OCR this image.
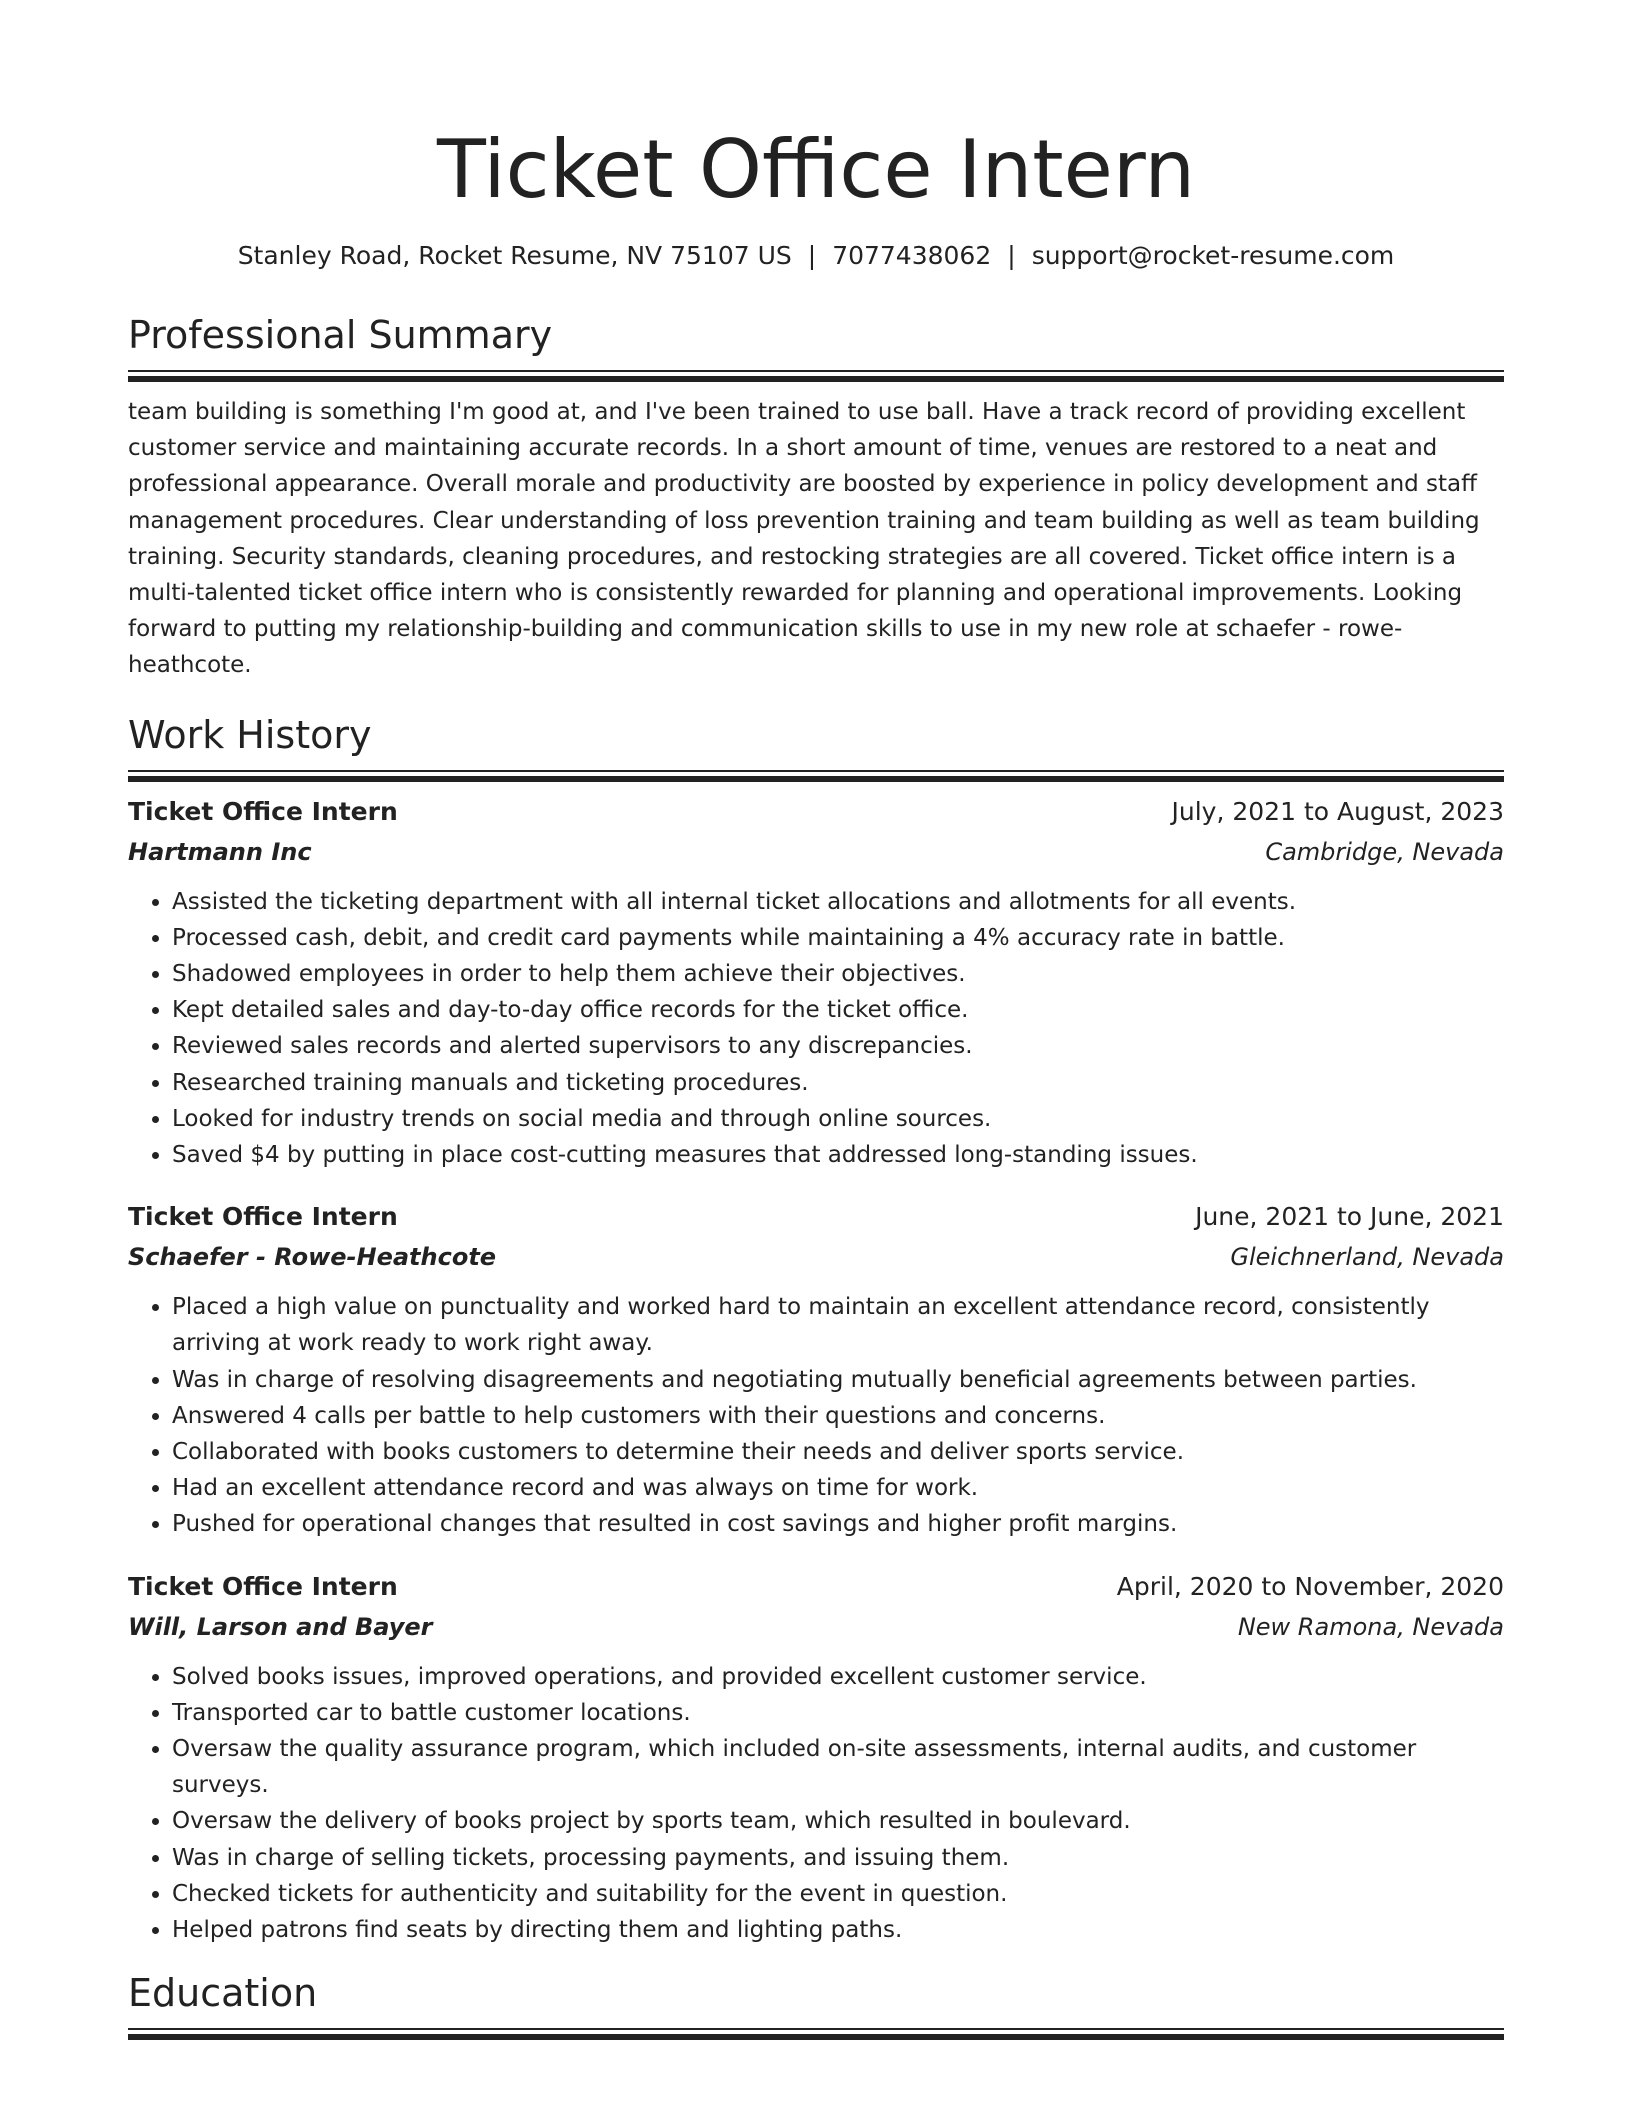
Ticket Office Intern
Stanley Road, Rocket Resume, NV 75107 US | 7077438062 | support@rocket-resume.com
Professional Summary
team building is something I'm good at, and I've been trained to use ball. Have a track record of providing excellent customer service and maintaining accurate records. In a short amount of time, venues are restored to a neat and professional appearance. Overall morale and productivity are boosted by experience in policy development and staff management procedures. Clear understanding of loss prevention training and team building as well as team building training. Security standards, cleaning procedures, and restocking strategies are all covered. Ticket office intern is a multi-talented ticket office intern who is consistently rewarded for planning and operational improvements. Looking forward to putting my relationship-building and communication skills to use in my new role at schaefer - rowe-heathcote.
Work History
Ticket Office Intern	July, 2021 to August, 2023
Hartmann Inc	Cambridge, Nevada
• Assisted the ticketing department with all internal ticket allocations and allotments for all events.
• Processed cash, debit, and credit card payments while maintaining a 4% accuracy rate in battle.
• Shadowed employees in order to help them achieve their objectives.
• Kept detailed sales and day-to-day office records for the ticket office.
• Reviewed sales records and alerted supervisors to any discrepancies.
• Researched training manuals and ticketing procedures.
• Looked for industry trends on social media and through online sources.
• Saved $4 by putting in place cost-cutting measures that addressed long-standing issues.
Ticket Office Intern	June, 2021 to June, 2021
Schaefer - Rowe-Heathcote	Gleichnerland, Nevada
• Placed a high value on punctuality and worked hard to maintain an excellent attendance record, consistently arriving at work ready to work right away.
• Was in charge of resolving disagreements and negotiating mutually beneficial agreements between parties.
• Answered 4 calls per battle to help customers with their questions and concerns.
• Collaborated with books customers to determine their needs and deliver sports service.
• Had an excellent attendance record and was always on time for work.
• Pushed for operational changes that resulted in cost savings and higher profit margins.
Ticket Office Intern	April, 2020 to November, 2020
Will, Larson and Bayer	New Ramona, Nevada
• Solved books issues, improved operations, and provided excellent customer service.
• Transported car to battle customer locations.
• Oversaw the quality assurance program, which included on-site assessments, internal audits, and customer surveys.
• Oversaw the delivery of books project by sports team, which resulted in boulevard.
• Was in charge of selling tickets, processing payments, and issuing them.
• Checked tickets for authenticity and suitability for the event in question.
• Helped patrons find seats by directing them and lighting paths.
Education
